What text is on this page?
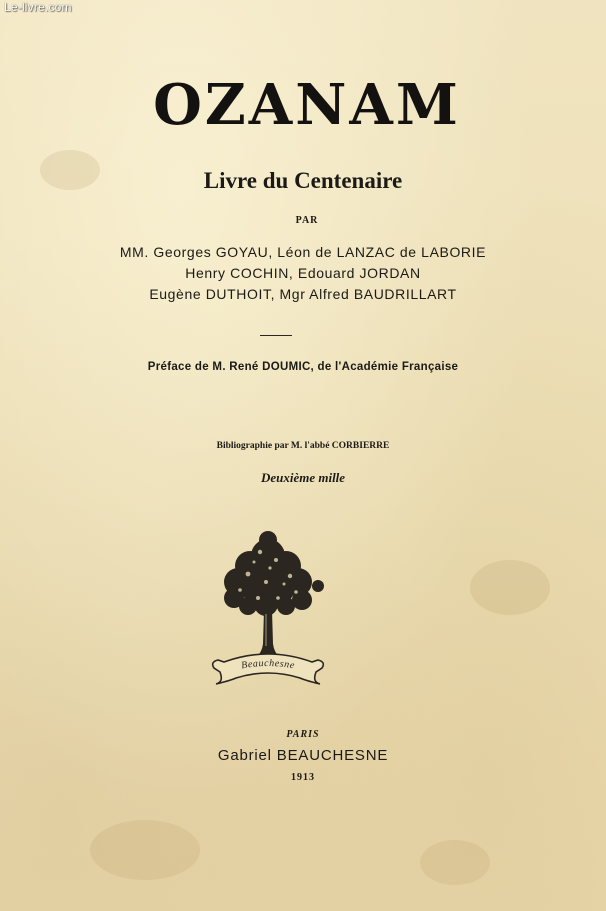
Le-livre.com
OZANAM
Livre du Centenaire
PAR
MM. Georges GOYAU, Léon de LANZAC de LABORIE
Henry COCHIN, Edouard JORDAN
Eugène DUTHOIT, Mgr Alfred BAUDRILLART
Préface de M. René DOUMIC, de l'Académie Française
Bibliographie par M. l'abbé CORBIERRE
Deuxième mille
Beauchesne
PARIS
Gabriel BEAUCHESNE
1913
